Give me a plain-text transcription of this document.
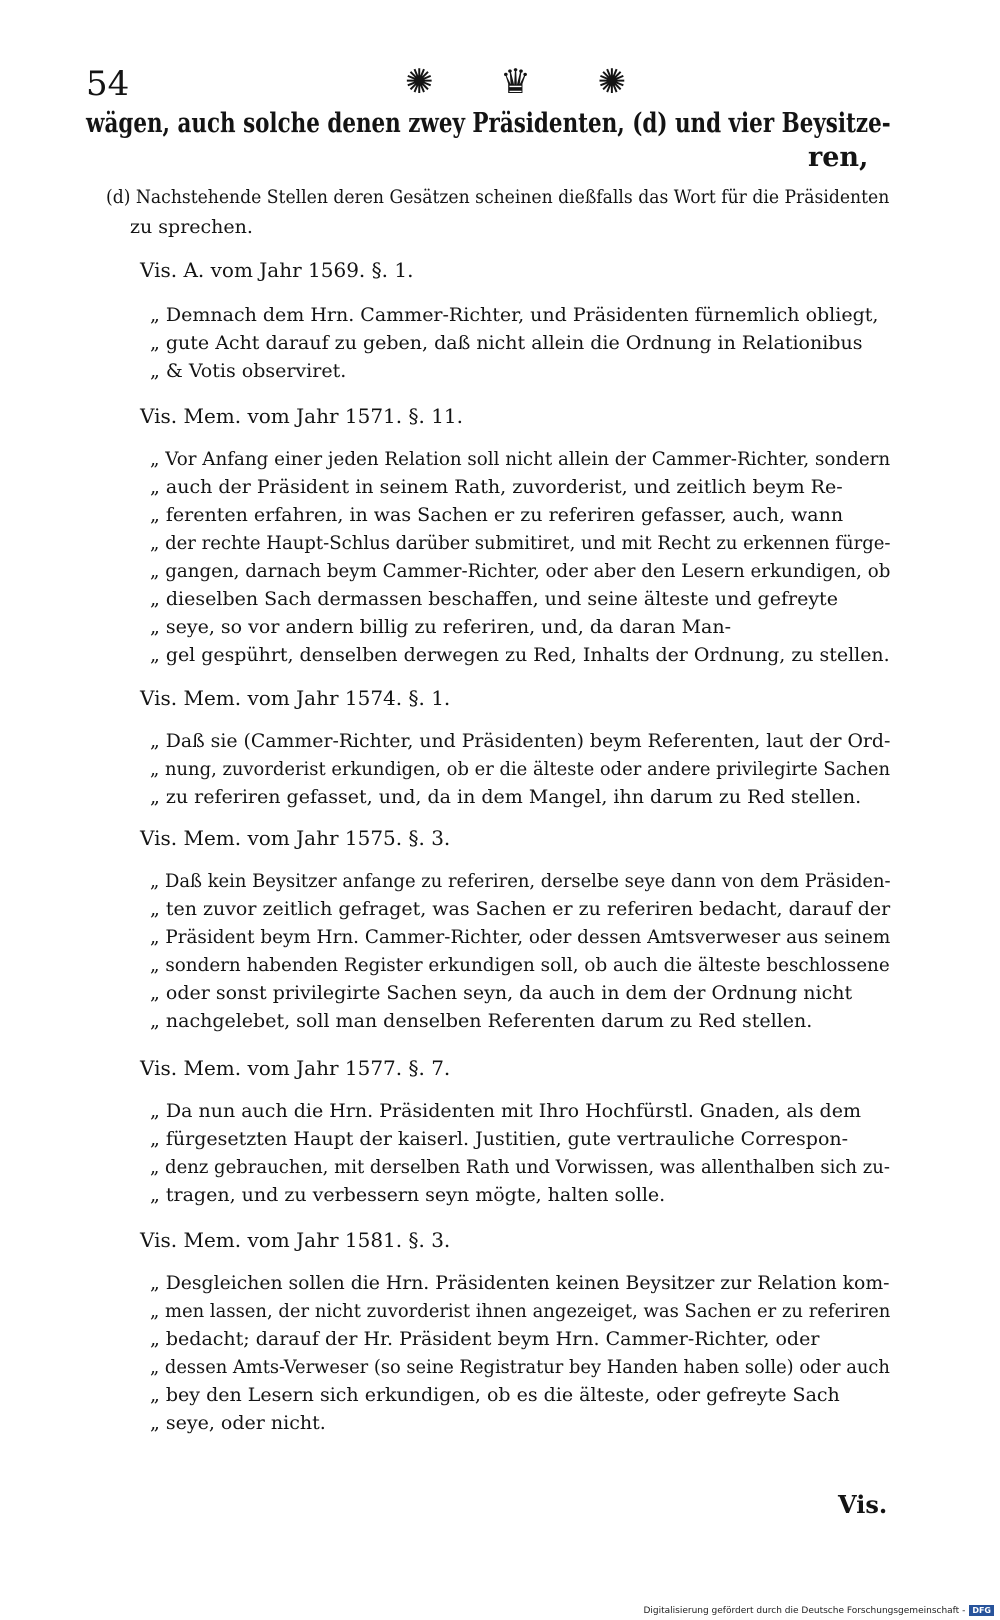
54	✺ ♛ ✺
wägen, auch solche denen zwey Präsidenten, (d) und vier Beysitze-
ren,
(d) Nachstehende Stellen deren Gesätzen scheinen dießfalls das Wort für die Präsidenten
zu sprechen.
Vis. A. vom Jahr 1569. §. 1.
„ Demnach dem Hrn. Cammer-Richter, und Präsidenten fürnemlich obliegt,
„ gute Acht darauf zu geben, daß nicht allein die Ordnung in Relationibus
„ & Votis observiret.
Vis. Mem. vom Jahr 1571. §. 11.
„ Vor Anfang einer jeden Relation soll nicht allein der Cammer-Richter, sondern
„ auch der Präsident in seinem Rath, zuvorderist, und zeitlich beym Re-
„ ferenten erfahren, in was Sachen er zu referiren gefasser, auch, wann
„ der rechte Haupt-Schlus darüber submitiret, und mit Recht zu erkennen fürge-
„ gangen, darnach beym Cammer-Richter, oder aber den Lesern erkundigen, ob
„ dieselben Sach dermassen beschaffen, und seine älteste und gefreyte
„ seye, so vor andern billig zu referiren, und, da daran Man-
„ gel gespührt, denselben derwegen zu Red, Inhalts der Ordnung, zu stellen.
Vis. Mem. vom Jahr 1574. §. 1.
„ Daß sie (Cammer-Richter, und Präsidenten) beym Referenten, laut der Ord-
„ nung, zuvorderist erkundigen, ob er die älteste oder andere privilegirte Sachen
„ zu referiren gefasset, und, da in dem Mangel, ihn darum zu Red stellen.
Vis. Mem. vom Jahr 1575. §. 3.
„ Daß kein Beysitzer anfange zu referiren, derselbe seye dann von dem Präsiden-
„ ten zuvor zeitlich gefraget, was Sachen er zu referiren bedacht, darauf der
„ Präsident beym Hrn. Cammer-Richter, oder dessen Amtsverweser aus seinem
„ sondern habenden Register erkundigen soll, ob auch die älteste beschlossene
„ oder sonst privilegirte Sachen seyn, da auch in dem der Ordnung nicht
„ nachgelebet, soll man denselben Referenten darum zu Red stellen.
Vis. Mem. vom Jahr 1577. §. 7.
„ Da nun auch die Hrn. Präsidenten mit Ihro Hochfürstl. Gnaden, als dem
„ fürgesetzten Haupt der kaiserl. Justitien, gute vertrauliche Correspon-
„ denz gebrauchen, mit derselben Rath und Vorwissen, was allenthalben sich zu-
„ tragen, und zu verbessern seyn mögte, halten solle.
Vis. Mem. vom Jahr 1581. §. 3.
„ Desgleichen sollen die Hrn. Präsidenten keinen Beysitzer zur Relation kom-
„ men lassen, der nicht zuvorderist ihnen angezeiget, was Sachen er zu referiren
„ bedacht; darauf der Hr. Präsident beym Hrn. Cammer-Richter, oder
„ dessen Amts-Verweser (so seine Registratur bey Handen haben solle) oder auch
„ bey den Lesern sich erkundigen, ob es die älteste, oder gefreyte Sach
„ seye, oder nicht.
Vis.
Digitalisierung gefördert durch die Deutsche Forschungsgemeinschaft - DFG
